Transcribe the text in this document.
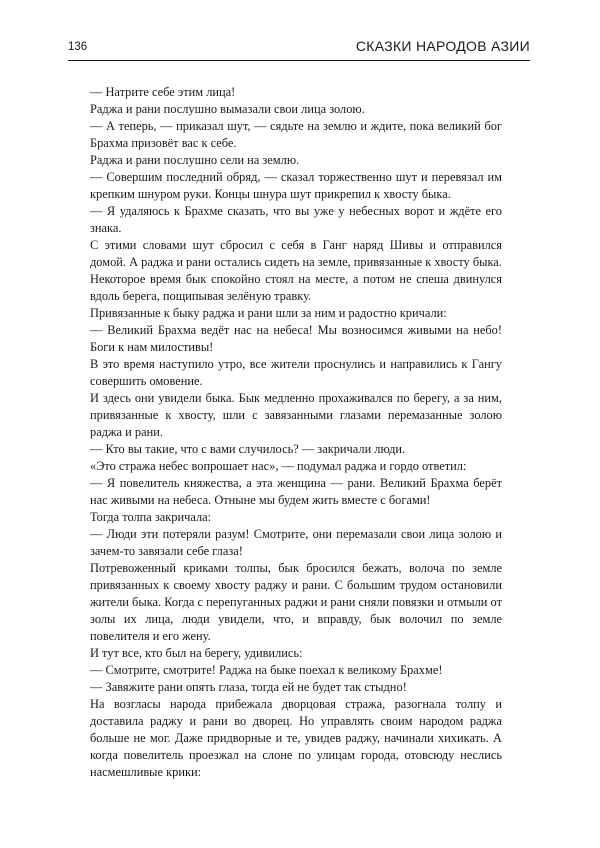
136	СКАЗКИ НАРОДОВ АЗИИ

— Натрите себе этим лица!

Раджа и рани послушно вымазали свои лица золою.

— А теперь, — приказал шут, — сядьте на землю и ждите, пока великий бог Брахма призовёт вас к себе.

Раджа и рани послушно сели на землю.

— Совершим последний обряд, — сказал торжественно шут и перевязал им крепким шнуром руки. Концы шнура шут прикрепил к хвосту быка.

— Я удаляюсь к Брахме сказать, что вы уже у небесных ворот и ждёте его знака.

С этими словами шут сбросил с себя в Ганг наряд Шивы и отправился домой. А раджа и рани остались сидеть на земле, привязанные к хвосту быка.

Некоторое время бык спокойно стоял на месте, а потом не спеша двинулся вдоль берега, пощипывая зелёную травку.

Привязанные к быку раджа и рани шли за ним и радостно кричали:

— Великий Брахма ведёт нас на небеса! Мы возносимся живыми на небо! Боги к нам милостивы!

В это время наступило утро, все жители проснулись и направились к Гангу совершить омовение.

И здесь они увидели быка. Бык медленно прохаживался по берегу, а за ним, привязанные к хвосту, шли с завязанными глазами перемазанные золою раджа и рани.

— Кто вы такие, что с вами случилось? — закричали люди.

«Это стража небес вопрошает нас», — подумал раджа и гордо ответил:

— Я повелитель княжества, а эта женщина — рани. Великий Брахма берёт нас живыми на небеса. Отныне мы будем жить вместе с богами!

Тогда толпа закричала:

— Люди эти потеряли разум! Смотрите, они перемазали свои лица золою и зачем-то завязали себе глаза!

Потревоженный криками толпы, бык бросился бежать, волоча по земле привязанных к своему хвосту раджу и рани. С большим трудом остановили жители быка. Когда с перепуганных раджи и рани сняли повязки и отмыли от золы их лица, люди увидели, что, и вправду, бык волочил по земле повелителя и его жену.

И тут все, кто был на берегу, удивились:

— Смотрите, смотрите! Раджа на быке поехал к великому Брахме!

— Завяжите рани опять глаза, тогда ей не будет так стыдно!

На возгласы народа прибежала дворцовая стража, разогнала толпу и доставила раджу и рани во дворец. Но управлять своим народом раджа больше не мог. Даже придворные и те, увидев раджу, начинали хихикать. А когда повелитель проезжал на слоне по улицам города, отовсюду неслись насмешливые крики:
